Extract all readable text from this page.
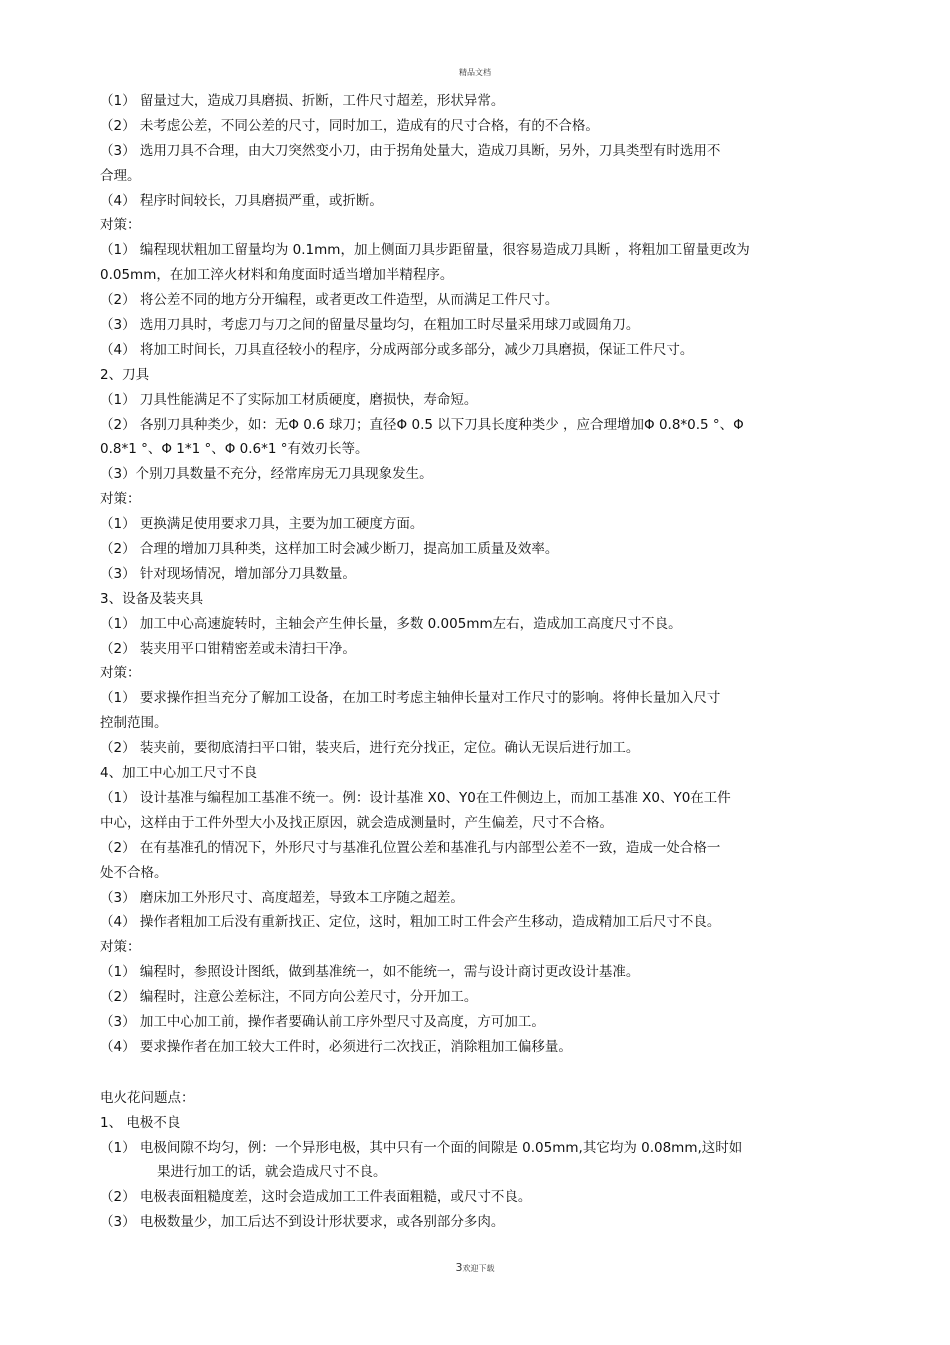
精品文档
（1） 留量过大，造成刀具磨损、折断，工件尺寸超差，形状异常。
（2） 未考虑公差，不同公差的尺寸，同时加工，造成有的尺寸合格，有的不合格。
（3） 选用刀具不合理，由大刀突然变小刀，由于拐角处量大，造成刀具断，另外，刀具类型有时选用不
合理。
（4） 程序时间较长，刀具磨损严重，或折断。
对策：
（1） 编程现状粗加工留量均为 0.1mm，加上侧面刀具步距留量，很容易造成刀具断 ，将粗加工留量更改为
0.05mm，在加工淬火材料和角度面时适当增加半精程序。
（2） 将公差不同的地方分开编程，或者更改工件造型，从而满足工件尺寸。
（3） 选用刀具时，考虑刀与刀之间的留量尽量均匀，在粗加工时尽量采用球刀或圆角刀。
（4） 将加工时间长，刀具直径较小的程序，分成两部分或多部分，减少刀具磨损，保证工件尺寸。
2、刀具
（1） 刀具性能满足不了实际加工材质硬度，磨损快，寿命短。
（2） 各别刀具种类少，如：无Φ 0.6 球刀；直径Φ 0.5 以下刀具长度种类少 ，应合理增加Φ 0.8*0.5 °、Φ
0.8*1 °、Φ 1*1 °、Φ 0.6*1 °有效刃长等。
（3）个别刀具数量不充分，经常库房无刀具现象发生。
对策：
（1） 更换满足使用要求刀具，主要为加工硬度方面。
（2） 合理的增加刀具种类，这样加工时会减少断刀，提高加工质量及效率。
（3） 针对现场情况，增加部分刀具数量。
3、设备及装夹具
（1） 加工中心高速旋转时，主轴会产生伸长量，多数 0.005mm左右，造成加工高度尺寸不良。
（2） 装夹用平口钳精密差或未清扫干净。
对策：
（1） 要求操作担当充分了解加工设备，在加工时考虑主轴伸长量对工作尺寸的影响。将伸长量加入尺寸
控制范围。
（2） 装夹前，要彻底清扫平口钳，装夹后，进行充分找正，定位。确认无误后进行加工。
4、加工中心加工尺寸不良
（1） 设计基准与编程加工基准不统一。例：设计基准 X0、Y0在工件侧边上，而加工基准 X0、Y0在工件
中心，这样由于工件外型大小及找正原因，就会造成测量时，产生偏差，尺寸不合格。
（2） 在有基准孔的情况下，外形尺寸与基准孔位置公差和基准孔与内部型公差不一致，造成一处合格一
处不合格。
（3） 磨床加工外形尺寸、高度超差，导致本工序随之超差。
（4） 操作者粗加工后没有重新找正、定位，这时，粗加工时工件会产生移动，造成精加工后尺寸不良。
对策：
（1） 编程时，参照设计图纸，做到基准统一，如不能统一，需与设计商讨更改设计基准。
（2） 编程时，注意公差标注，不同方向公差尺寸，分开加工。
（3） 加工中心加工前，操作者要确认前工序外型尺寸及高度，方可加工。
（4） 要求操作者在加工较大工件时，必须进行二次找正，消除粗加工偏移量。
电火花问题点：
1、 电极不良
（1） 电极间隙不均匀，例：一个异形电极，其中只有一个面的间隙是 0.05mm,其它均为 0.08mm,这时如
果进行加工的话，就会造成尺寸不良。
（2） 电极表面粗糙度差，这时会造成加工工件表面粗糙，或尺寸不良。
（3） 电极数量少，加工后达不到设计形状要求，或各别部分多肉。
3欢迎下载
